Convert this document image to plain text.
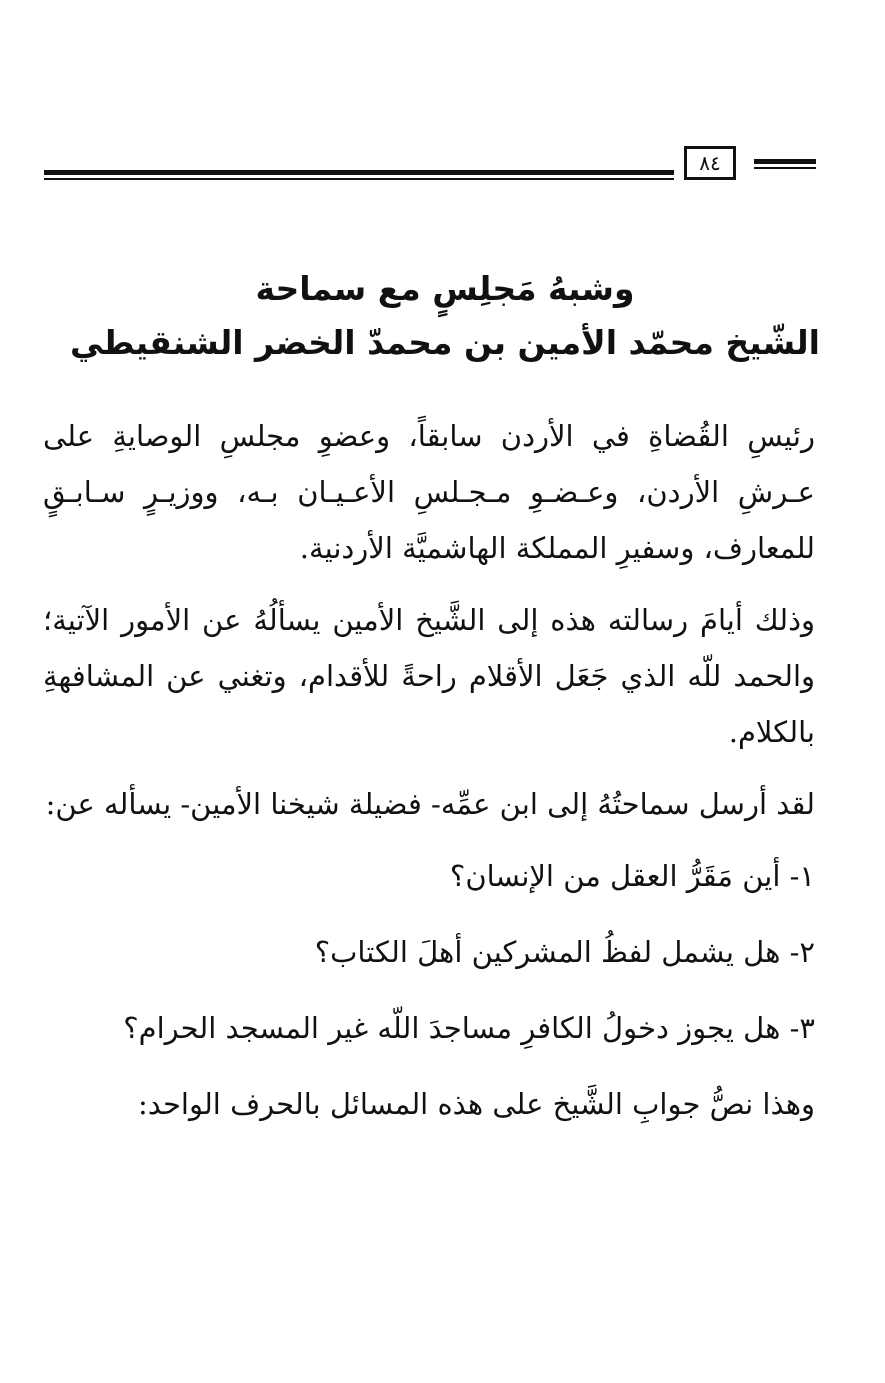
٨٤
وشبهُ مَجلِسٍ مع سماحة
الشّيخ محمّد الأمين بن محمدّ الخضر الشنقيطي

رئيسِ القُضاةِ في الأردن سابقاً، وعضوِ مجلسِ الوصايةِ على عـرشِ الأردن، وعـضـوِ مـجـلسِ الأعـيـان بـه، ووزيـرٍ سـابـقٍ للمعارف، وسفيرِ المملكة الهاشميَّة الأردنية.

وذلك أيامَ رسالته هذه إلى الشَّيخ الأمين يسألُهُ عن الأمور الآتية؛ والحمد للّه الذي جَعَل الأقلام راحةً للأقدام، وتغني عن المشافهةِ بالكلام.

لقد أرسل سماحتُهُ إلى ابن عمِّه- فضيلة شيخنا الأمين- يسأله عن:

١- أين مَقَرُّ العقل من الإنسان؟

٢- هل يشمل لفظُ المشركين أهلَ الكتاب؟

٣- هل يجوز دخولُ الكافرِ مساجدَ اللّه غير المسجد الحرام؟

وهذا نصُّ جوابِ الشَّيخ على هذه المسائل بالحرف الواحد:
